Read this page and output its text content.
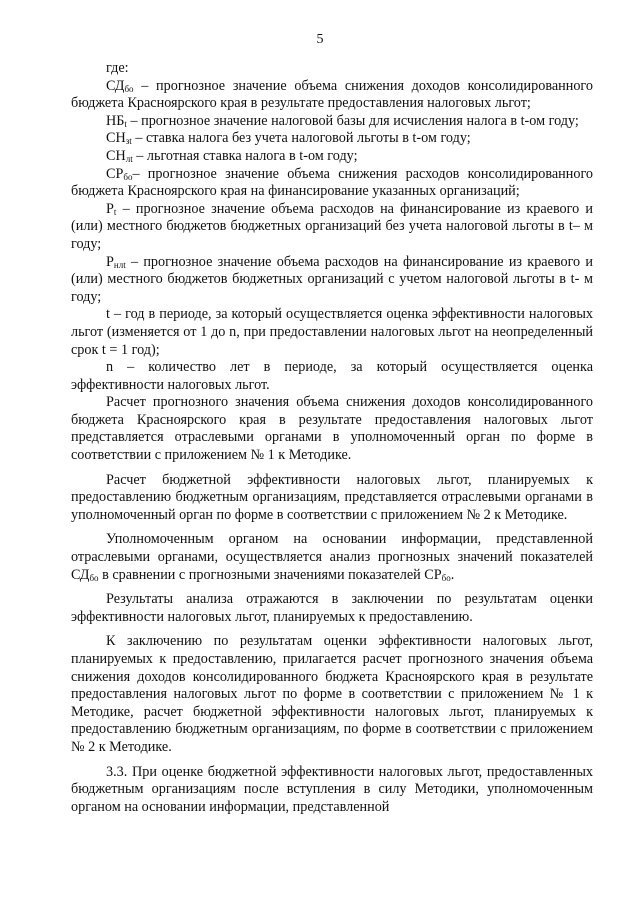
5

где:

$СД_{бо}$ – прогнозное значение объема снижения доходов консолидированного бюджета Красноярского края в результате предоставления налоговых льгот;

$НБ_t$ – прогнозное значение налоговой базы для исчисления налога в t-ом году;

$СН_{зt}$ – ставка налога без учета налоговой льготы в t-ом году;

$СН_{лt}$ – льготная ставка налога в t-ом году;

$СР_{бо}-$ прогнозное значение объема снижения расходов консолидированного бюджета Красноярского края на финансирование указанных организаций;

$Р_t$ – прогнозное значение объема расходов на финансирование из краевого и (или) местного бюджетов бюджетных организаций без учета налоговой льготы в t– м году;

$Р_{нлt}$ – прогнозное значение объема расходов на финансирование из краевого и (или) местного бюджетов бюджетных организаций с учетом налоговой льготы в t- м году;

t – год в периоде, за который осуществляется оценка эффективности налоговых льгот (изменяется от 1 до n, при предоставлении налоговых льгот на неопределенный срок t = 1 год);

n – количество лет в периоде, за который осуществляется оценка эффективности налоговых льгот.

Расчет прогнозного значения объема снижения доходов консолидированного бюджета Красноярского края в результате предоставления налоговых льгот представляется отраслевыми органами в уполномоченный орган по форме в соответствии с приложением № 1 к Методике.

Расчет бюджетной эффективности налоговых льгот, планируемых к предоставлению бюджетным организациям, представляется отраслевыми органами в уполномоченный орган по форме в соответствии с приложением № 2 к Методике.

Уполномоченным органом на основании информации, представленной отраслевыми органами, осуществляется анализ прогнозных значений показателей $СД_{бо}$ в сравнении с прогнозными значениями показателей $СР_{бо}$.

Результаты анализа отражаются в заключении по результатам оценки эффективности налоговых льгот, планируемых к предоставлению.

К заключению по результатам оценки эффективности налоговых льгот, планируемых к предоставлению, прилагается расчет прогнозного значения объема снижения доходов консолидированного бюджета Красноярского края в результате предоставления налоговых льгот по форме в соответствии с приложением № 1 к Методике, расчет бюджетной эффективности налоговых льгот, планируемых к предоставлению бюджетным организациям, по форме в соответствии с приложением № 2 к Методике.

3.3. При оценке бюджетной эффективности налоговых льгот, предоставленных бюджетным организациям после вступления в силу Методики, уполномоченным органом на основании информации, представленной
